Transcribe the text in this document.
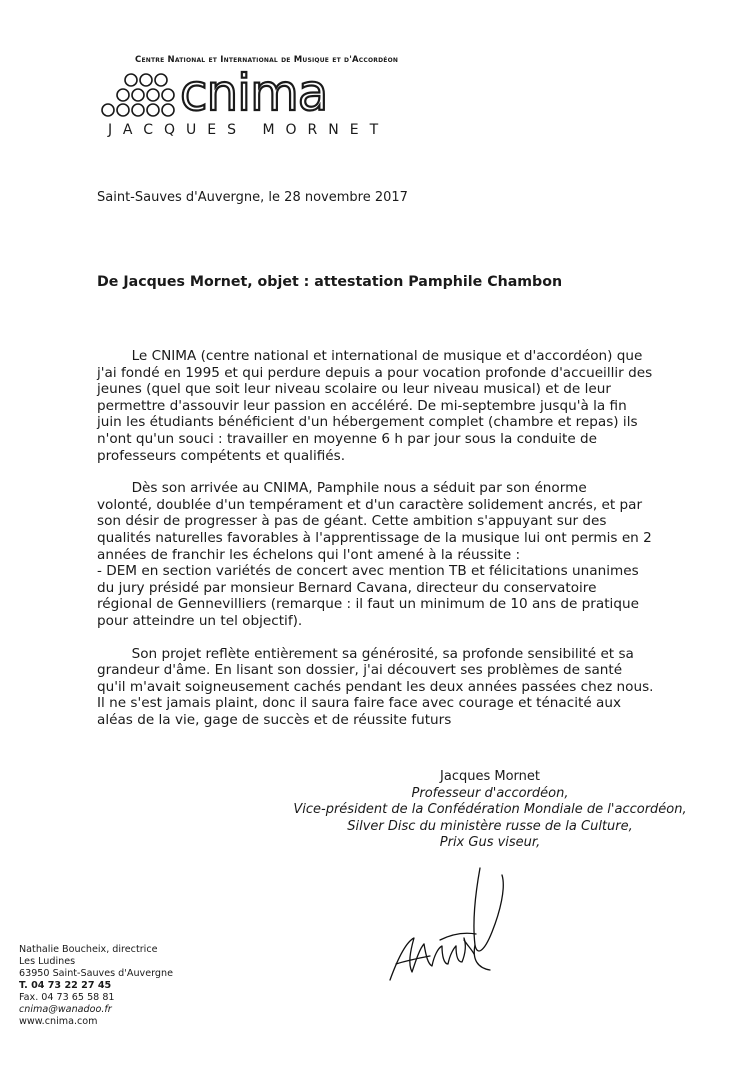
Centre National et International de Musique et d'Accordéon
cnima
JACQUES MORNET
Saint-Sauves d'Auvergne, le 28 novembre 2017
De Jacques Mornet, objet : attestation Pamphile Chambon

Le CNIMA (centre national et international de musique et d'accordéon) que

j'ai fondé en 1995 et qui perdure depuis a pour vocation profonde d'accueillir des

jeunes (quel que soit leur niveau scolaire ou leur niveau musical) et de leur

permettre d'assouvir leur passion en accéléré. De mi-septembre jusqu'à la fin

juin les étudiants bénéficient d'un hébergement complet (chambre et repas) ils

n'ont qu'un souci : travailler en moyenne 6 h par jour sous la conduite de

professeurs compétents et qualifiés.

Dès son arrivée au CNIMA, Pamphile nous a séduit par son énorme

volonté, doublée d'un tempérament et d'un caractère solidement ancrés, et par

son désir de progresser à pas de géant. Cette ambition s'appuyant sur des

qualités naturelles favorables à l'apprentissage de la musique lui ont permis en 2

années de franchir les échelons qui l'ont amené à la réussite :

- DEM en section variétés de concert avec mention TB et félicitations unanimes

du jury présidé par monsieur Bernard Cavana, directeur du conservatoire

régional de Gennevilliers (remarque : il faut un minimum de 10 ans de pratique

pour atteindre un tel objectif).

Son projet reflète entièrement sa générosité, sa profonde sensibilité et sa

grandeur d'âme. En lisant son dossier, j'ai découvert ses problèmes de santé

qu'il m'avait soigneusement cachés pendant les deux années passées chez nous.

Il ne s'est jamais plaint, donc il saura faire face avec courage et ténacité aux

aléas de la vie, gage de succès et de réussite futurs

Jacques Mornet
Professeur d'accordéon,
Vice-président de la Confédération Mondiale de l'accordéon,
Silver Disc du ministère russe de la Culture,
Prix Gus viseur,
Nathalie Boucheix, directrice
Les Ludines
63950 Saint-Sauves d'Auvergne
T. 04 73 22 27 45
Fax. 04 73 65 58 81
cnima@wanadoo.fr
www.cnima.com
